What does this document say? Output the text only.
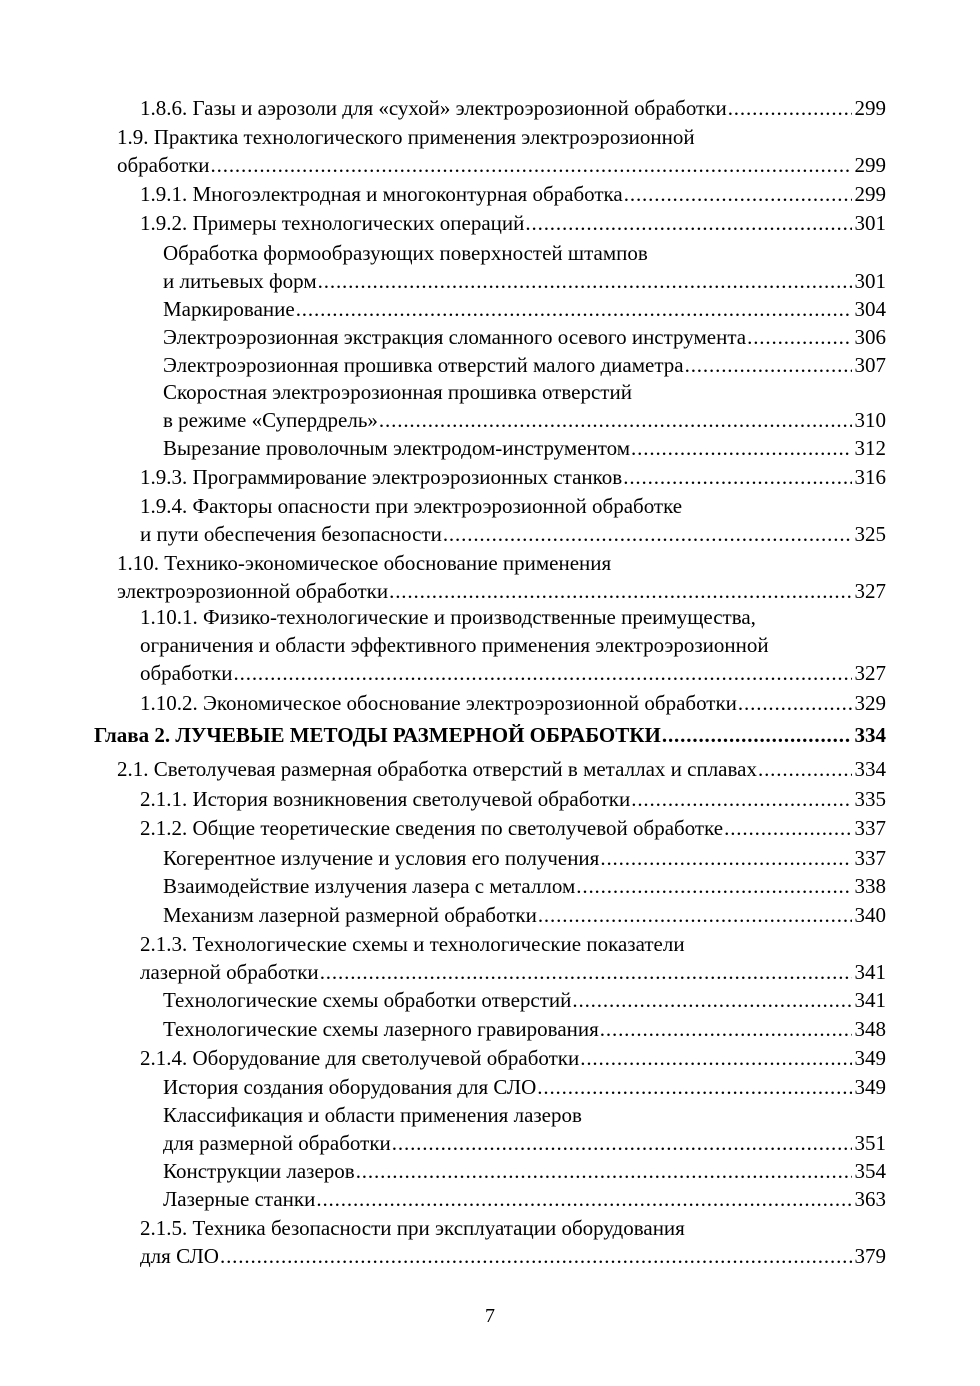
1.8.6. Газы и аэрозоли для «сухой» электроэрозионной обработки . . .	299
1.9. Практика технологического применения электроэрозионной
обработки . . .	299
1.9.1. Многоэлектродная и многоконтурная обработка . . .	299
1.9.2. Примеры технологических операций . . .	301
Обработка формообразующих поверхностей штампов
и литьевых форм . . .	301
Маркирование . . .	304
Электроэрозионная экстракция сломанного осевого инструмента . . .	306
Электроэрозионная прошивка отверстий малого диаметра . . .	307
Скоростная электроэрозионная прошивка отверстий
в режиме «Супердрель» . . .	310
Вырезание проволочным электродом-инструментом . . .	312
1.9.3. Программирование электроэрозионных станков . . .	316
1.9.4. Факторы опасности при электроэрозионной обработке
и пути обеспечения безопасности . . .	325
1.10. Технико-экономическое обоснование применения
электроэрозионной обработки . . .	327
1.10.1. Физико-технологические и производственные преимущества,
ограничения и области эффективного применения электроэрозионной
обработки . . .	327
1.10.2. Экономическое обоснование электроэрозионной обработки . . .	329
Глава 2. ЛУЧЕВЫЕ МЕТОДЫ РАЗМЕРНОЙ ОБРАБОТКИ . . .	334
2.1. Светолучевая размерная обработка отверстий в металлах и сплавах . . .	334
2.1.1. История возникновения светолучевой обработки . . .	335
2.1.2. Общие теоретические сведения по светолучевой обработке . . .	337
Когерентное излучение и условия его получения . . .	337
Взаимодействие излучения лазера с металлом . . .	338
Механизм лазерной размерной обработки . . .	340
2.1.3. Технологические схемы и технологические показатели
лазерной обработки . . .	341
Технологические схемы обработки отверстий . . .	341
Технологические схемы лазерного гравирования . . .	348
2.1.4. Оборудование для светолучевой обработки . . .	349
История создания оборудования для СЛО . . .	349
Классификация и области применения лазеров
для размерной обработки . . .	351
Конструкции лазеров . . .	354
Лазерные станки . . .	363
2.1.5. Техника безопасности при эксплуатации оборудования
для СЛО . . .	379
7
